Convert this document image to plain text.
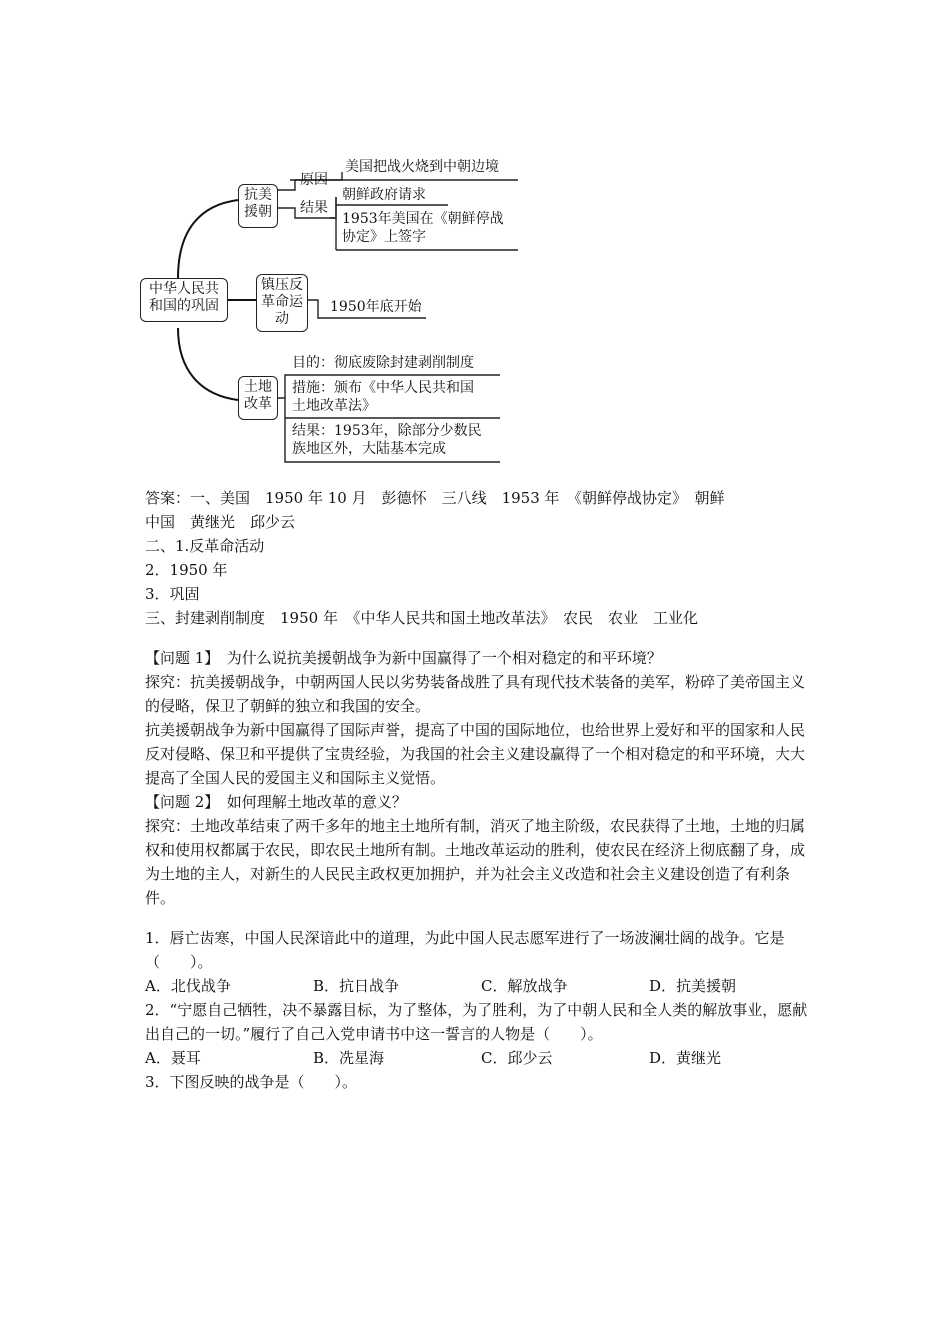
中华人民共
和国的巩固
抗美
援朝
原因
美国把战火烧到中朝边境
结果
朝鲜政府请求
1953年美国在《朝鲜停战
协定》上签字
镇压反
革命运
动
1950年底开始
土地
改革
目的：彻底废除封建剥削制度
措施：颁布《中华人民共和国
土地改革法》
结果：1953年，除部分少数民
族地区外，大陆基本完成

答案：一、美国　1950 年 10 月　彭德怀　三八线　1953 年　《朝鲜停战协定》　朝鲜

中国　黄继光　邱少云

二、1.反革命活动

2．1950 年

3．巩固

三、封建剥削制度　1950 年　《中华人民共和国土地改革法》　农民　农业　工业化

【问题 1】　为什么说抗美援朝战争为新中国赢得了一个相对稳定的和平环境？

探究：抗美援朝战争，中朝两国人民以劣势装备战胜了具有现代技术装备的美军，粉碎了美帝国主义的侵略，保卫了朝鲜的独立和我国的安全。

抗美援朝战争为新中国赢得了国际声誉，提高了中国的国际地位，也给世界上爱好和平的国家和人民反对侵略、保卫和平提供了宝贵经验，为我国的社会主义建设赢得了一个相对稳定的和平环境，大大提高了全国人民的爱国主义和国际主义觉悟。

【问题 2】　如何理解土地改革的意义？

探究：土地改革结束了两千多年的地主土地所有制，消灭了地主阶级，农民获得了土地，土地的归属权和使用权都属于农民，即农民土地所有制。土地改革运动的胜利，使农民在经济上彻底翻了身，成为土地的主人，对新生的人民民主政权更加拥护，并为社会主义改造和社会主义建设创造了有利条件。

1．唇亡齿寒，中国人民深谙此中的道理，为此中国人民志愿军进行了一场波澜壮阔的战争。它是（　　）。

A．北伐战争	B．抗日战争	C．解放战争	D．抗美援朝

2．“宁愿自己牺牲，决不暴露目标，为了整体，为了胜利，为了中朝人民和全人类的解放事业，愿献出自己的一切。”履行了自己入党申请书中这一誓言的人物是（　　）。

A．聂耳	B．冼星海	C．邱少云	D．黄继光

3．下图反映的战争是（　　）。
